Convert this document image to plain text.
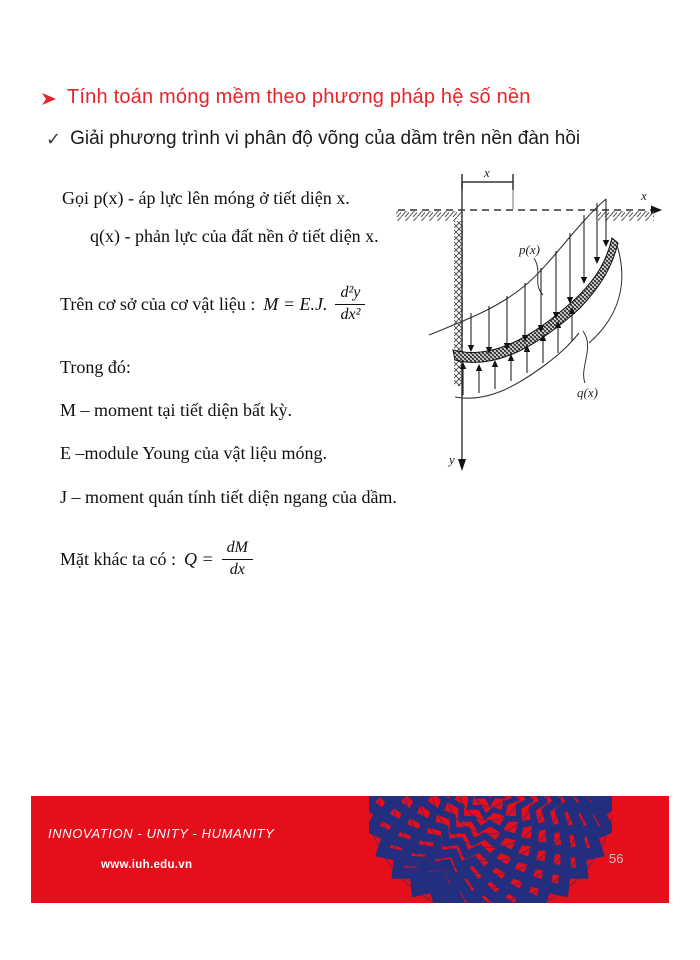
Tính toán móng mềm theo phương pháp hệ số nền
✓ Giải phương trình vi phân độ võng của dầm trên nền đàn hồi
Gọi p(x) - áp lực lên móng ở tiết diện x.
q(x) - phản lực của đất nền ở tiết diện x.
Trên cơ sở của cơ vật liệu : M = E.J. $\frac{\text{d²y}}{\text{dx²}}$
Trong đó:
M – moment tại tiết diện bất kỳ.
E –module Young của vật liệu móng.
J – moment quán tính tiết diện ngang của dầm.
Mặt khác ta có : $Q = \frac{dM}{dx}$
x
x
y
p(x)
q(x)
INNOVATION - UNITY - HUMANITY
www.iuh.edu.vn	56
